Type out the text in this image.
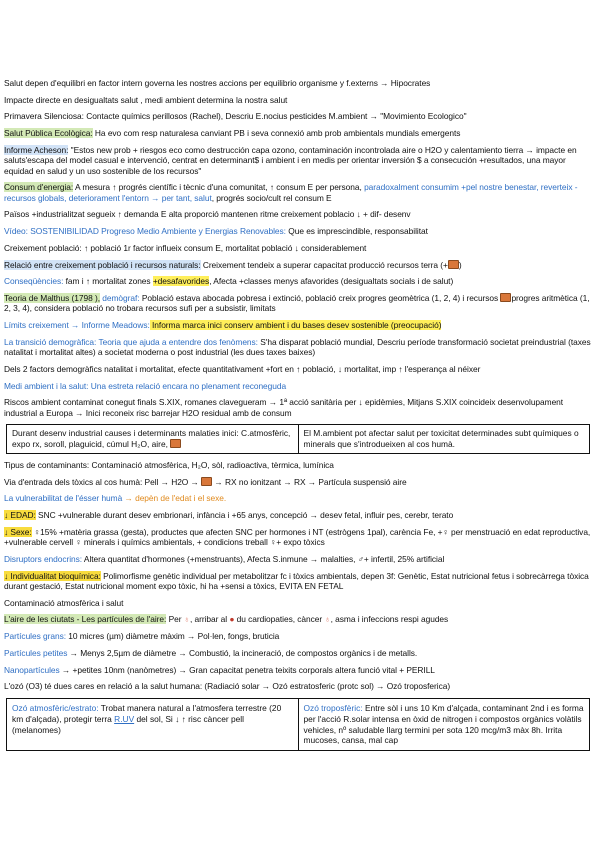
Salut depen d'equilibri en factor intern governa les nostres accions per equilibrio organisme y f.externs → Hipocrates
Impacte directe en desigualtats salut , medi ambient determina la nostra salut
Primavera Silenciosa: Contacte químics perillosos (Rachel), Descriu E.nocius pesticides M.ambient → "Movimiento Ecologico"
Salut Pública Ecològica: Ha evo com resp naturalesa canviant PB i seva connexió amb prob ambientals mundials emergents
Informe Acheson: "Estos new prob + riesgos eco como destrucción capa ozono, contaminación incontrolada aire o H2O y calentamiento tierra → impacte en saluts'escapa del model casual e intervenció, centrat en determinant$ i ambient i en medis per orientar inversión $ a consecución +resultados, una mayor equidad en salud y un uso sostenible de los recursos"
Consum d'energia: A mesura ↑ progrés científic i tècnic d'una comunitat, ↑ consum E per persona, paradoxalment consumim +pel nostre benestar, reverteix -recursos globals, deteriorament l'entorn → per tant, salut, progrés socio/cult rel consum E
Països +industrialitzat segueix ↑ demanda E alta proporció mantenen ritme creixement poblacio ↓ + dif- desenv
Vídeo: SOSTENIBILIDAD Progreso Medio Ambiente y Energias Renovables: Que es imprescindible, responsabilitat
Creixement població: ↑ població 1r factor influeix consum E, mortalitat població ↓ considerablement
Relació entre creixement població i recursos naturals: Creixement tendeix a superar capacitat producció recursos terra (+ )
Conseqüències: fam i ↑ mortalitat zones +desafavorides, Afecta +classes menys afavorides (desigualtats socials i de salut)
Teoria de Malthus (1798 ), demògraf: Població estava abocada pobresa i extinció, població creix progres geomètrica (1, 2, 4) i recursos progres aritmètica (1, 2, 3, 4), considera població no trobara recursos sufi per a subsistir, limitats
Límits creixement → Informe Meadows: Informa marca inici conserv ambient i du bases desev sostenible (preocupació)
La transició demogràfica: Teoria que ajuda a entendre dos fenòmens: S'ha disparat població mundial, Descriu període transformació societat preindustrial (taxes natalitat i mortalitat altes) a societat moderna o post industrial (les dues taxes baixes)
Dels 2 factors demogràfics natalitat i mortalitat, efecte quantitativament +fort en ↑ població, ↓ mortalitat, imp ↑ l'esperança al néixer
Medi ambient i la salut: Una estreta relació encara no plenament reconeguda
Riscos ambient contaminat conegut finals S.XIX, romanes clavegueram → 1ª acció sanitària per ↓ epidèmies, Mitjans S.XIX coincideix desenvolupament industrial a Europa → Inici reconeix risc barrejar H2O residual amb de consum
Durant desenv industrial causes i determinants malaties inici: C.atmosfèric, expo rx, soroll, plaguicid, cúmul H₂O, aire,
El M.ambient pot afectar salut per toxicitat determinades subt químiques o minerals que s'introdueixen al cos humà.
Tipus de contaminants: Contaminació atmosfèrica, H₂O, sòl, radioactiva, tèrmica, lumínica
Via d'entrada dels tòxics al cos humà: Pell → H2O →  → RX no ionitzant → RX → Partícula suspensió aire
La vulnerabilitat de l'ésser humà → depèn de l'edat i el sexe.
↓ EDAD: SNC +vulnerable durant desev embrionari, infància i +65 anys, concepció → desev fetal, influir pes, cerebr, terato
↓ Sexe: ♀15% +matèria grassa (gesta), productes que afecten SNC per hormones i NT (estrògens 1pal), carència Fe, +♀ per menstruació en edat reproductiva, +vulnerable cervell ♀ minerals i químics ambientals, + condicions treball ♀+ expo tòxics
Disruptors endocrins: Altera quantitat d'hormones (+menstruants), Afecta S.inmune → malalties, ♂+ infertil, 25% artificial
↓ Individualitat bioquímica: Polimorfisme genètic individual per metabolitzar fc i tòxics ambientals, depen 3f: Genètic, Estat nutricional fetus i sobrecàrrega tòxica durant gestació, Estat nutricional moment expo tòxic, hi ha +sensi a tòxics, EVITA EN FETAL
Contaminació atmosfèrica i salut
L'aire de les ciutats - Les partícules de l'aire: Per ♁, arribar al ● du cardiopaties, càncer ♁, asma i infeccions respi agudes
Partícules grans: 10 micres (µm) diàmetre màxim → Pol·len, fongs, bruticia
Partícules petites → Menys 2,5µm de diàmetre → Combustió, la incineració, de compostos orgànics i de metalls.
Nanopartícules → +petites 10nm (nanòmetres) → Gran capacitat penetra teixits corporals altera funció vital + PERILL
L'ozó (O3) té dues cares en relació a la salut humana: (Radiació solar → Ozó estratosferic (protc sol) → Ozó troposferica)
Ozó atmosfèric/estrato: Trobat manera natural a l'atmosfera terrestre (20 km d'alçada), protegir terra R.UV del sol, Si ↓ ↑ risc càncer pell (melanomes)
Ozó troposfèric: Entre sòl i uns 10 Km d'alçada, contaminant 2nd i es forma per l'acció R.solar intensa en òxid de nitrogen i compostos orgànics volàtils vehicles, nº saludable llarg termini per sota 120 mcg/m3 màx 8h. Irrita mucoses, cansa, mal cap
